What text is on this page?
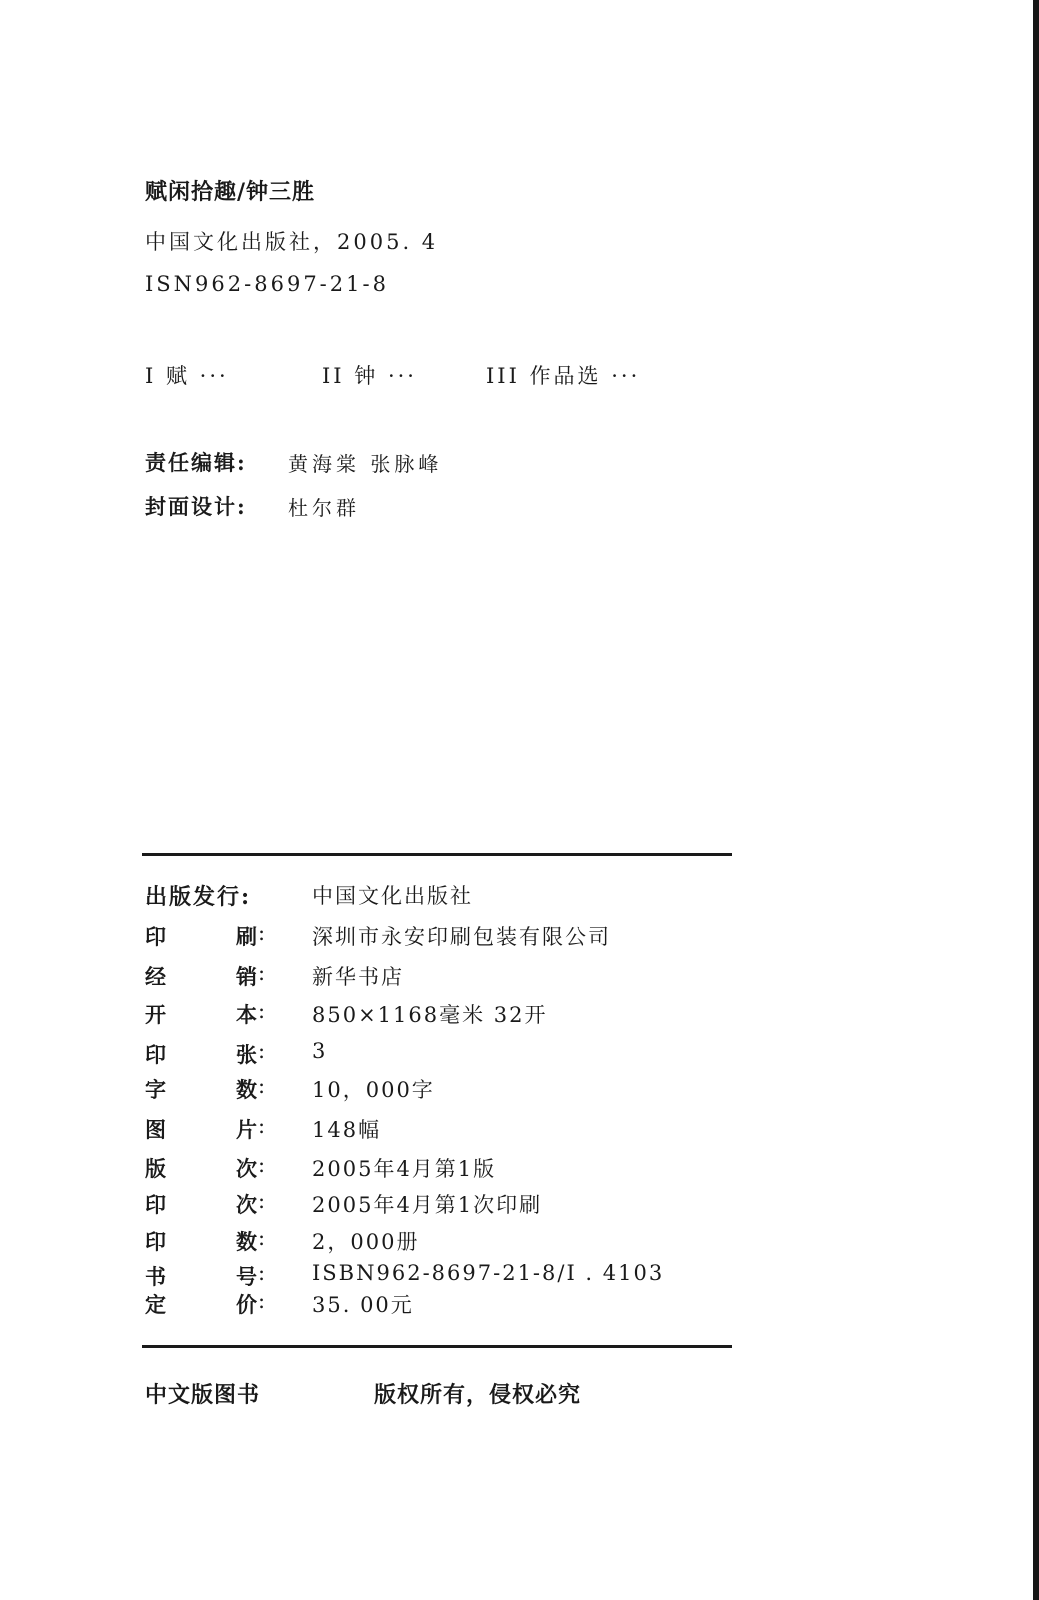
赋闲拾趣/钟三胜
中国文化出版社，2005. 4
ISN962-8697-21-8
I 赋 ···	II 钟 ···	III 作品选 ···
责任编辑: 黄海棠 张脉峰
封面设计: 杜尔群
出版发行:	中国文化出版社
印	刷 : 深圳市永安印刷包装有限公司
经	销 : 新华书店
开	本 : 850×1168毫米 32开
印	张 : 3
字	数 : 10，000字
图	片 : 148幅
版	次 : 2005年4月第1版
印	次 : 2005年4月第1次印刷
印	数 : 2，000册
书	号 : ISBN962-8697-21-8/I . 4103
定	价 : 35. 00元
中文版图书	版权所有，侵权必究
